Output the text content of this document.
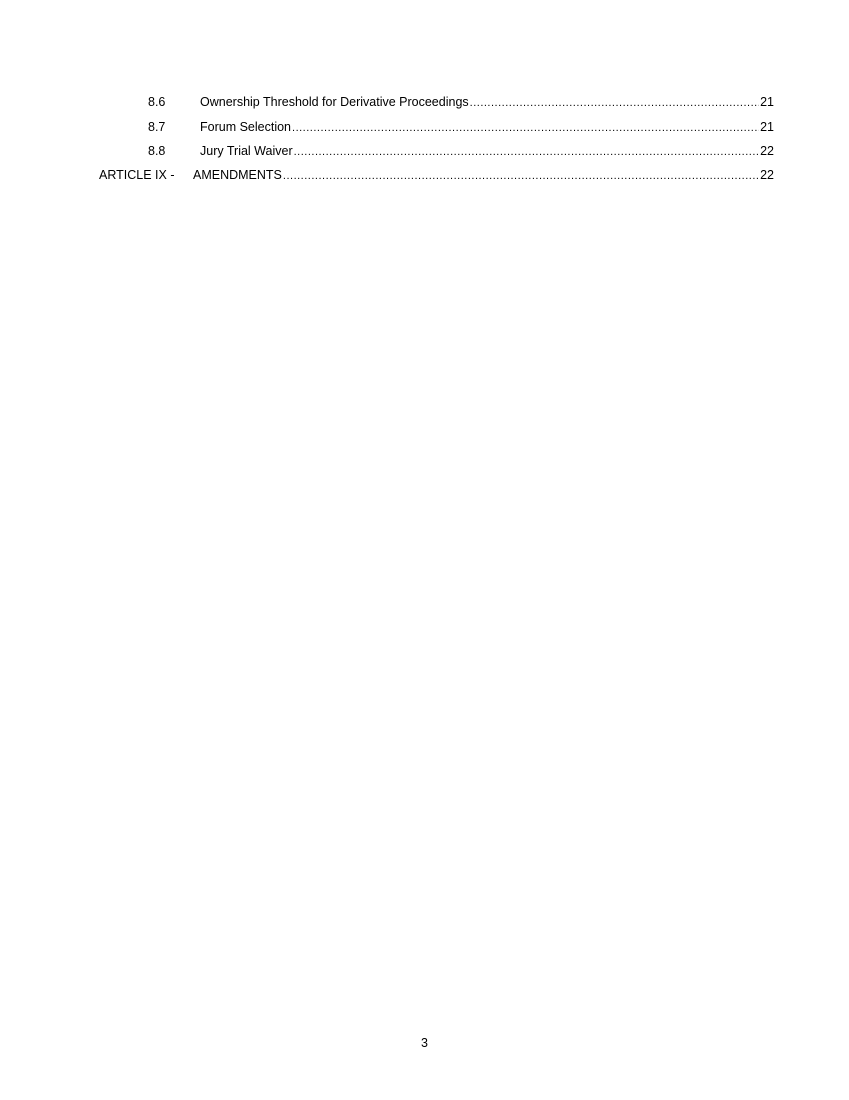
8.6	Ownership Threshold for Derivative Proceedings .....	21
8.7	Forum Selection .....	21
8.8	Jury Trial Waiver .....	22
ARTICLE IX -	AMENDMENTS .....	22
3
